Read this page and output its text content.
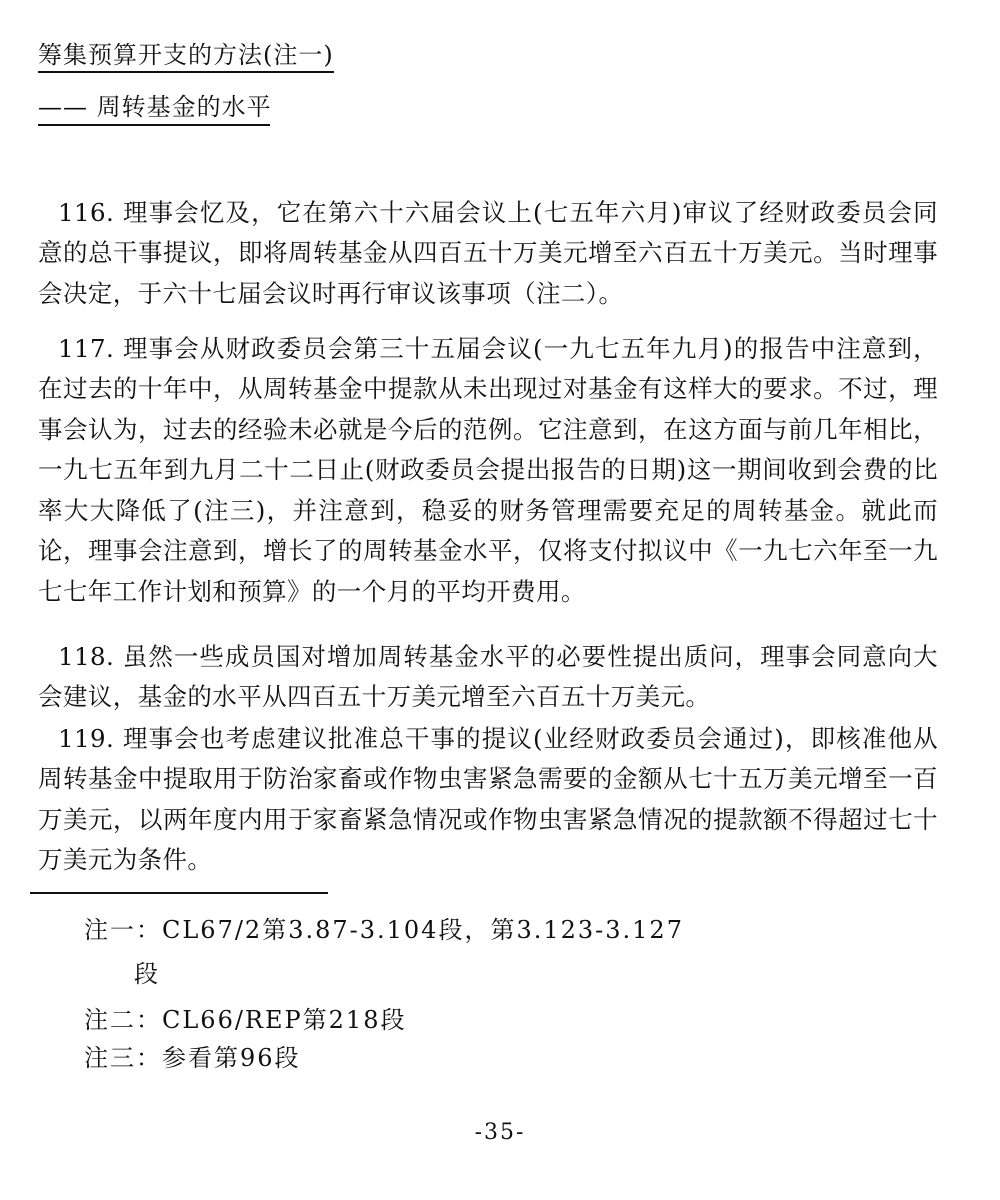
筹集预算开支的方法(注一)
—— 周转基金的水平

116. 理事会忆及，它在第六十六届会议上(七五年六月)审议了经财政委员会同意的总干事提议，即将周转基金从四百五十万美元增至六百五十万美元。当时理事会决定，于六十七届会议时再行审议该事项（注二）。

117. 理事会从财政委员会第三十五届会议(一九七五年九月)的报告中注意到，在过去的十年中，从周转基金中提款从未出现过对基金有这样大的要求。不过，理事会认为，过去的经验未必就是今后的范例。它注意到，在这方面与前几年相比，一九七五年到九月二十二日止(财政委员会提出报告的日期)这一期间收到会费的比率大大降低了(注三)，并注意到，稳妥的财务管理需要充足的周转基金。就此而论，理事会注意到，增长了的周转基金水平，仅将支付拟议中《一九七六年至一九七七年工作计划和预算》的一个月的平均开费用。

118. 虽然一些成员国对增加周转基金水平的必要性提出质问，理事会同意向大会建议，基金的水平从四百五十万美元增至六百五十万美元。

119. 理事会也考虑建议批准总干事的提议(业经财政委员会通过)，即核准他从周转基金中提取用于防治家畜或作物虫害紧急需要的金额从七十五万美元增至一百万美元，以两年度内用于家畜紧急情况或作物虫害紧急情况的提款额不得超过七十万美元为条件。

注一：CL67/2第3.87-3.104段，第3.123-3.127
段
注二：CL66/REP第218段
注三：参看第96段
-35-
